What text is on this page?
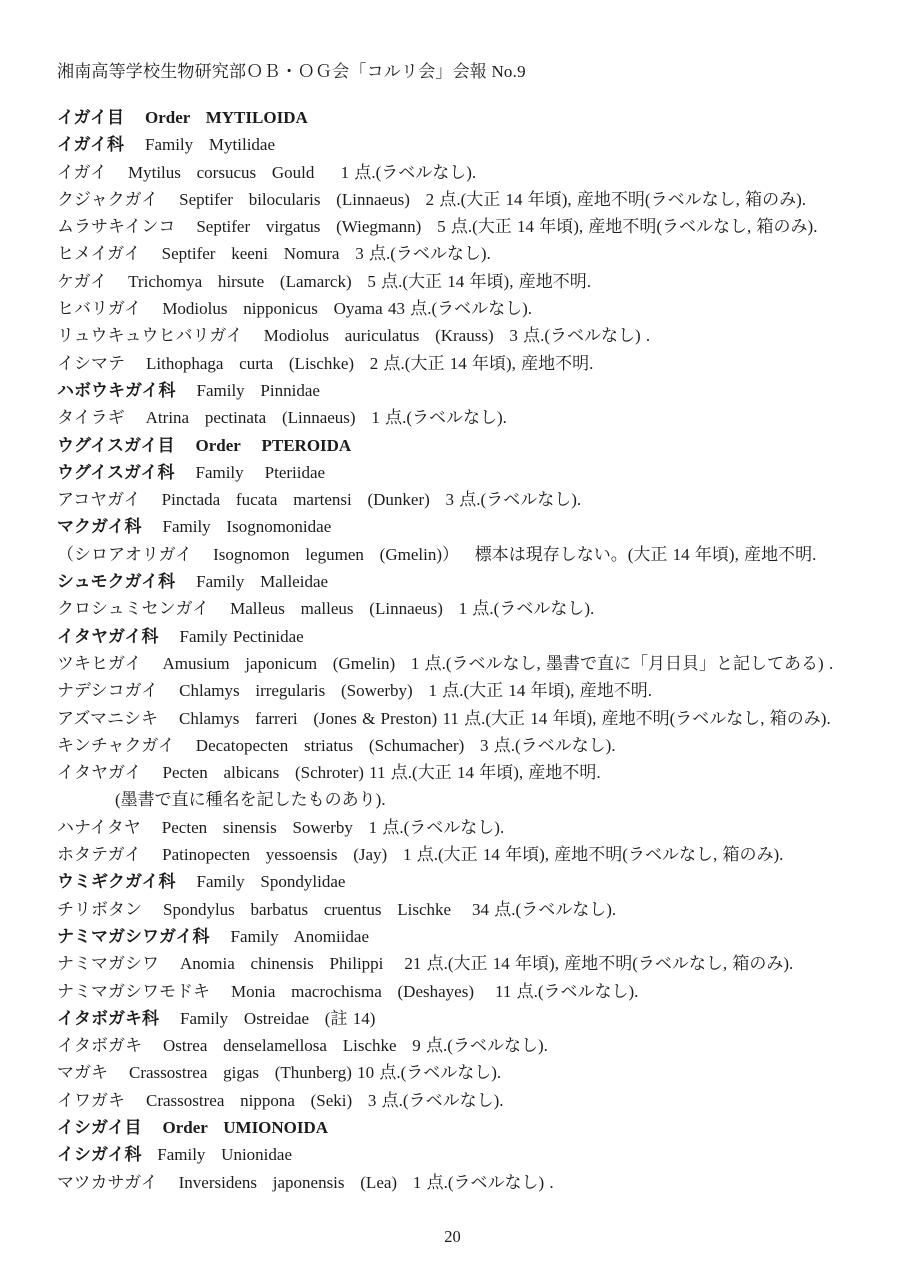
湘南高等学校生物研究部ＯＢ・ＯＧ会「コルリ会」会報 No.9
イガイ目    Order   MYTILOIDA
イガイ科    Family   Mytilidae
イガイ    Mytilus   corsucus   Gould     1 点.(ラベルなし).
クジャクガイ    Septifer   bilocularis   (Linnaeus)   2 点.(大正 14 年頃), 産地不明(ラベルなし, 箱のみ).
ムラサキインコ    Septifer   virgatus   (Wiegmann)   5 点.(大正 14 年頃), 産地不明(ラベルなし, 箱のみ).
ヒメイガイ    Septifer   keeni   Nomura   3 点.(ラベルなし).
ケガイ    Trichomya   hirsute   (Lamarck)   5 点.(大正 14 年頃), 産地不明.
ヒバリガイ    Modiolus   nipponicus   Oyama 43 点.(ラベルなし).
リュウキュウヒバリガイ    Modiolus   auriculatus   (Krauss)   3 点.(ラベルなし) .
イシマテ    Lithophaga   curta   (Lischke)   2 点.(大正 14 年頃), 産地不明.
ハボウキガイ科    Family   Pinnidae
タイラギ    Atrina   pectinata   (Linnaeus)   1 点.(ラベルなし).
ウグイスガイ目    Order    PTEROIDA
ウグイスガイ科    Family    Pteriidae
アコヤガイ    Pinctada   fucata   martensi   (Dunker)   3 点.(ラベルなし).
マクガイ科    Family   Isognomonidae
（シロアオリガイ    Isognomon   legumen   (Gmelin)）   標本は現存しない。(大正 14 年頃), 産地不明.
シュモクガイ科    Family   Malleidae
クロシュミセンガイ    Malleus   malleus   (Linnaeus)   1 点.(ラベルなし).
イタヤガイ科    Family Pectinidae
ツキヒガイ    Amusium   japonicum   (Gmelin)   1 点.(ラベルなし, 墨書で直に「月日貝」と記してある) .
ナデシコガイ    Chlamys   irregularis   (Sowerby)   1 点.(大正 14 年頃), 産地不明.
アズマニシキ    Chlamys   farreri   (Jones & Preston) 11 点.(大正 14 年頃), 産地不明(ラベルなし, 箱のみ).
キンチャクガイ    Decatopecten   striatus   (Schumacher)   3 点.(ラベルなし).
イタヤガイ    Pecten   albicans   (Schroter) 11 点.(大正 14 年頃), 産地不明.
(墨書で直に種名を記したものあり).
ハナイタヤ    Pecten   sinensis   Sowerby   1 点.(ラベルなし).
ホタテガイ    Patinopecten   yessoensis   (Jay)   1 点.(大正 14 年頃), 産地不明(ラベルなし, 箱のみ).
ウミギクガイ科    Family   Spondylidae
チリボタン    Spondylus   barbatus   cruentus   Lischke    34 点.(ラベルなし).
ナミマガシワガイ科    Family   Anomiidae
ナミマガシワ    Anomia   chinensis   Philippi    21 点.(大正 14 年頃), 産地不明(ラベルなし, 箱のみ).
ナミマガシワモドキ    Monia   macrochisma   (Deshayes)    11 点.(ラベルなし).
イタボガキ科    Family   Ostreidae   (註 14)
イタボガキ    Ostrea   denselamellosa   Lischke   9 点.(ラベルなし).
マガキ    Crassostrea   gigas   (Thunberg) 10 点.(ラベルなし).
イワガキ    Crassostrea   nippona   (Seki)   3 点.(ラベルなし).
イシガイ目    Order   UMIONOIDA
イシガイ科   Family   Unionidae
マツカサガイ    Inversidens   japonensis   (Lea)   1 点.(ラベルなし) .
20
